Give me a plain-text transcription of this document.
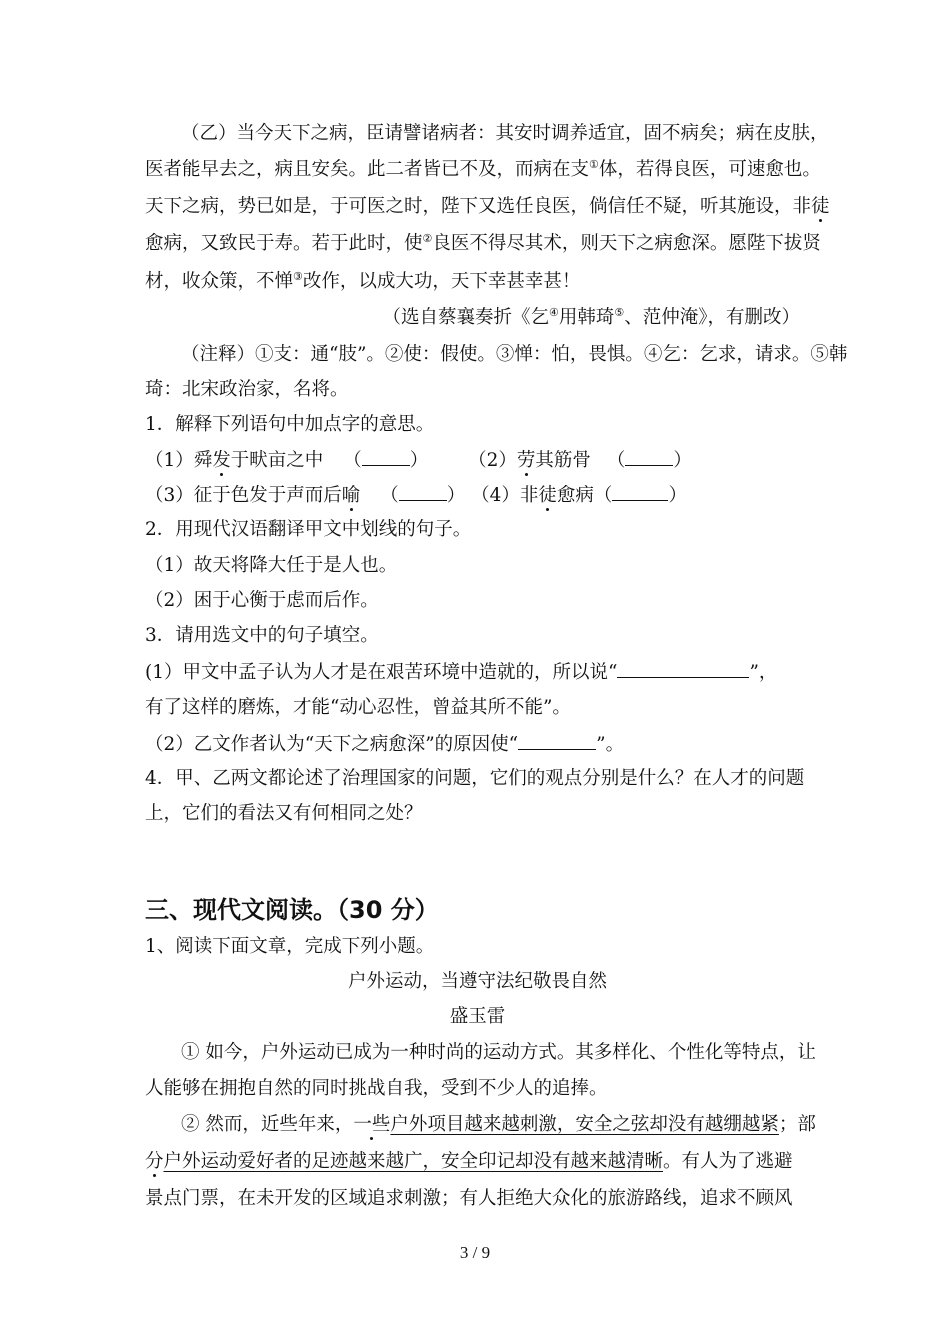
（乙）当今天下之病，臣请譬诸病者：其安时调养适宜，固不病矣；病在皮肤，
医者能早去之，病且安矣。此二者皆已不及，而病在支①体，若得良医，可速愈也。
天下之病，势已如是，于可医之时，陛下又选任良医，倘信任不疑，听其施设，非徒
愈病，又致民于寿。若于此时，使②良医不得尽其术，则天下之病愈深。愿陛下拔贤
材，收众策，不惮③改作，以成大功，天下幸甚幸甚！
（选自蔡襄奏折《乞④用韩琦⑤、范仲淹》，有删改）
（注释）①支：通“肢”。②使：假使。③惮：怕，畏惧。④乞：乞求，请求。⑤韩
琦：北宋政治家，名将。
1．解释下列语句中加点字的意思。
（1）舜发于畎亩之中 （	） （2）劳其筋骨 （	）
（3）征于色发于声而后喻 （	） （4）非徒愈病（	）
2．用现代汉语翻译甲文中划线的句子。
（1）故天将降大任于是人也。
（2）困于心衡于虑而后作。
3．请用选文中的句子填空。
(1）甲文中孟子认为人才是在艰苦环境中造就的，所以说“	”，
有了这样的磨炼，才能“动心忍性，曾益其所不能”。
（2）乙文作者认为“天下之病愈深”的原因使“	”。
4．甲、乙两文都论述了治理国家的问题，它们的观点分别是什么？在人才的问题
上，它们的看法又有何相同之处？
三、现代文阅读。（30 分）
1、阅读下面文章，完成下列小题。
户外运动，当遵守法纪敬畏自然
盛玉雷
① 如今，户外运动已成为一种时尚的运动方式。其多样化、个性化等特点，让
人能够在拥抱自然的同时挑战自我，受到不少人的追捧。
② 然而，近些年来，一些户外项目越来越刺激，安全之弦却没有越绷越紧；部
分户外运动爱好者的足迹越来越广，安全印记却没有越来越清晰。有人为了逃避
景点门票，在未开发的区域追求刺激；有人拒绝大众化的旅游路线，追求不顾风
3 / 9
